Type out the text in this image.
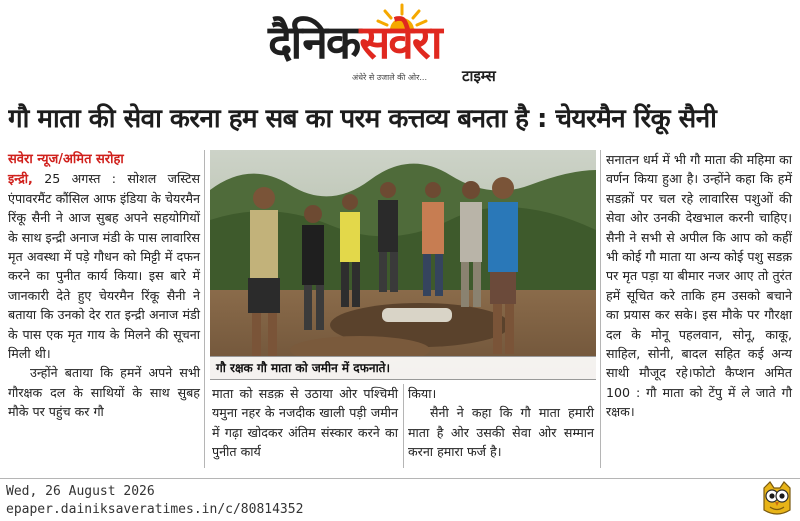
दैनिकसवेरा
अंधेरे से उजाले की ओर... टाइम्स
गौ माता की सेवा करना हम सब का परम कत्तव्य बनता है : चेयरमैन रिंकू सैनी

सवेरा न्यूज/अमित सरोहा

इन्द्री, 25 अगस्त : सोशल जस्टिस एंपावरमैंट कौंसिल आफ इंडिया के चेयरमैन रिंकू सैनी ने आज सुबह अपने सहयोगियों के साथ इन्द्री अनाज मंडी के पास लावारिस मृत अवस्था में पड़े गौधन को मिट्टी में दफन करने का पुनीत कार्य किया। इस बारे में जानकारी देते हुए चेयरमैन रिंकू सैनी ने बताया कि उनको देर रात इन्द्री अनाज मंडी के पास एक मृत गाय के मिलने की सूचना मिली थी।

उन्होंने बताया कि हमनें अपने सभी गौरक्षक दल के साथियों के साथ सुबह मौके पर पहुंच कर गौ

गौ रक्षक गौ माता को जमीन में दफनाते।

माता को सडक़ से उठाया ओर पश्चिमी यमुना नहर के नजदीक खाली पड़ी जमीन में गढ़ा खोदकर अंतिम संस्कार करने का पुनीत कार्य

किया।

सैनी ने कहा कि गौ माता हमारी माता है ओर उसकी सेवा ओर सम्मान करना हमारा फर्ज है।

सनातन धर्म में भी गौ माता की महिमा का वर्णन किया हुआ है। उन्होंने कहा कि हमें सडक़ों पर चल रहे लावारिस पशुओं की सेवा ओर उनकी देखभाल करनी चाहिए। सैनी ने सभी से अपील कि आप को कहीं भी कोई गौ माता या अन्य कोई पशु सडक़ पर मृत पड़ा या बीमार नजर आए तो तुरंत हमें सूचित करे ताकि हम उसको बचाने का प्रयास कर सके। इस मौके पर गौरक्षा दल के मोनू पहलवान, सोनू, काकू, साहिल, सोनी, बादल सहित कई अन्य साथी मौजूद रहे।फोटो कैप्शन अमित 100 : गौ माता को टेंपु में ले जाते गौ रक्षक।

Wed, 26 August 2026
epaper.dainiksaveratimes.in/c/80814352
